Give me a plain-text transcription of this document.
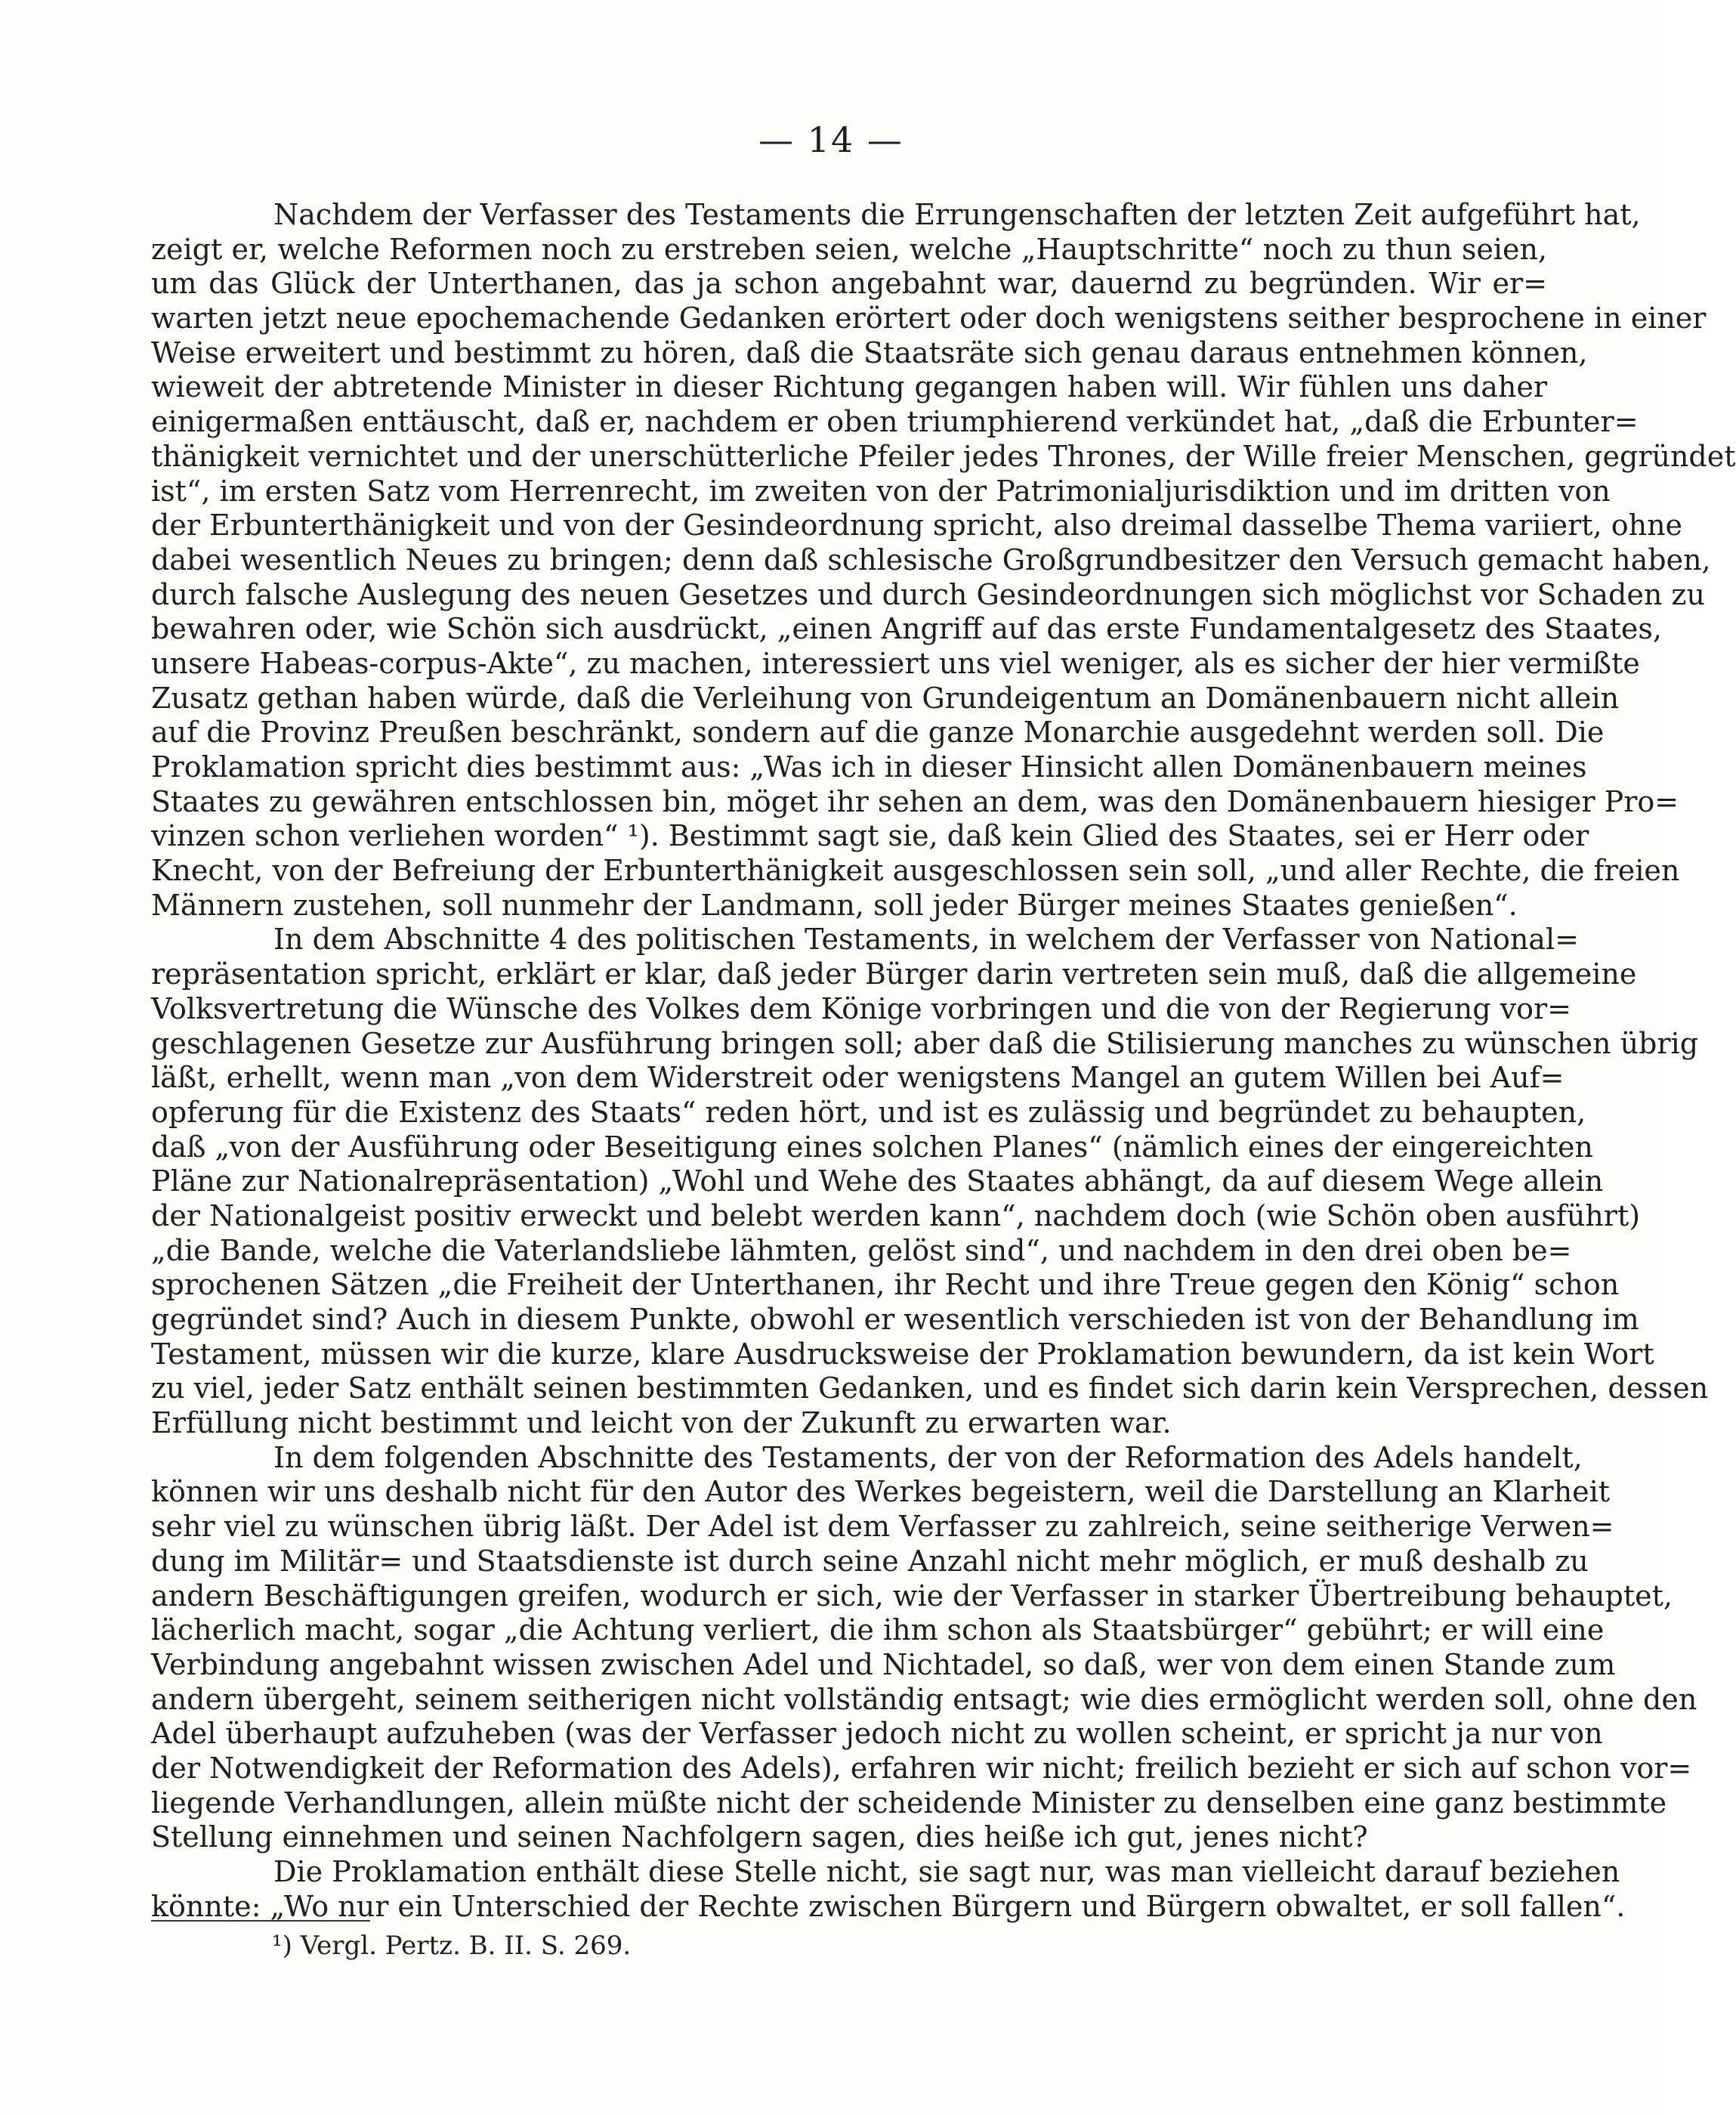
— 14 —
Nachdem der Verfasser des Testaments die Errungenschaften der letzten Zeit aufgeführt hat,
zeigt er, welche Reformen noch zu erstreben seien, welche „Hauptschritte“ noch zu thun seien,
um das Glück der Unterthanen, das ja schon angebahnt war, dauernd zu begründen. Wir er=
warten jetzt neue epochemachende Gedanken erörtert oder doch wenigstens seither besprochene in einer
Weise erweitert und bestimmt zu hören, daß die Staatsräte sich genau daraus entnehmen können,
wieweit der abtretende Minister in dieser Richtung gegangen haben will. Wir fühlen uns daher
einigermaßen enttäuscht, daß er, nachdem er oben triumphierend verkündet hat, „daß die Erbunter=
thänigkeit vernichtet und der unerschütterliche Pfeiler jedes Thrones, der Wille freier Menschen, gegründet
ist“, im ersten Satz vom Herrenrecht, im zweiten von der Patrimonialjurisdiktion und im dritten von
der Erbunterthänigkeit und von der Gesindeordnung spricht, also dreimal dasselbe Thema variiert, ohne
dabei wesentlich Neues zu bringen; denn daß schlesische Großgrundbesitzer den Versuch gemacht haben,
durch falsche Auslegung des neuen Gesetzes und durch Gesindeordnungen sich möglichst vor Schaden zu
bewahren oder, wie Schön sich ausdrückt, „einen Angriff auf das erste Fundamentalgesetz des Staates,
unsere Habeas-corpus-Akte“, zu machen, interessiert uns viel weniger, als es sicher der hier vermißte
Zusatz gethan haben würde, daß die Verleihung von Grundeigentum an Domänenbauern nicht allein
auf die Provinz Preußen beschränkt, sondern auf die ganze Monarchie ausgedehnt werden soll. Die
Proklamation spricht dies bestimmt aus: „Was ich in dieser Hinsicht allen Domänenbauern meines
Staates zu gewähren entschlossen bin, möget ihr sehen an dem, was den Domänenbauern hiesiger Pro=
vinzen schon verliehen worden“ ¹). Bestimmt sagt sie, daß kein Glied des Staates, sei er Herr oder
Knecht, von der Befreiung der Erbunterthänigkeit ausgeschlossen sein soll, „und aller Rechte, die freien
Männern zustehen, soll nunmehr der Landmann, soll jeder Bürger meines Staates genießen“.
In dem Abschnitte 4 des politischen Testaments, in welchem der Verfasser von National=
repräsentation spricht, erklärt er klar, daß jeder Bürger darin vertreten sein muß, daß die allgemeine
Volksvertretung die Wünsche des Volkes dem Könige vorbringen und die von der Regierung vor=
geschlagenen Gesetze zur Ausführung bringen soll; aber daß die Stilisierung manches zu wünschen übrig
läßt, erhellt, wenn man „von dem Widerstreit oder wenigstens Mangel an gutem Willen bei Auf=
opferung für die Existenz des Staats“ reden hört, und ist es zulässig und begründet zu behaupten,
daß „von der Ausführung oder Beseitigung eines solchen Planes“ (nämlich eines der eingereichten
Pläne zur Nationalrepräsentation) „Wohl und Wehe des Staates abhängt, da auf diesem Wege allein
der Nationalgeist positiv erweckt und belebt werden kann“, nachdem doch (wie Schön oben ausführt)
„die Bande, welche die Vaterlandsliebe lähmten, gelöst sind“, und nachdem in den drei oben be=
sprochenen Sätzen „die Freiheit der Unterthanen, ihr Recht und ihre Treue gegen den König“ schon
gegründet sind? Auch in diesem Punkte, obwohl er wesentlich verschieden ist von der Behandlung im
Testament, müssen wir die kurze, klare Ausdrucksweise der Proklamation bewundern, da ist kein Wort
zu viel, jeder Satz enthält seinen bestimmten Gedanken, und es findet sich darin kein Versprechen, dessen
Erfüllung nicht bestimmt und leicht von der Zukunft zu erwarten war.
In dem folgenden Abschnitte des Testaments, der von der Reformation des Adels handelt,
können wir uns deshalb nicht für den Autor des Werkes begeistern, weil die Darstellung an Klarheit
sehr viel zu wünschen übrig läßt. Der Adel ist dem Verfasser zu zahlreich, seine seitherige Verwen=
dung im Militär= und Staatsdienste ist durch seine Anzahl nicht mehr möglich, er muß deshalb zu
andern Beschäftigungen greifen, wodurch er sich, wie der Verfasser in starker Übertreibung behauptet,
lächerlich macht, sogar „die Achtung verliert, die ihm schon als Staatsbürger“ gebührt; er will eine
Verbindung angebahnt wissen zwischen Adel und Nichtadel, so daß, wer von dem einen Stande zum
andern übergeht, seinem seitherigen nicht vollständig entsagt; wie dies ermöglicht werden soll, ohne den
Adel überhaupt aufzuheben (was der Verfasser jedoch nicht zu wollen scheint, er spricht ja nur von
der Notwendigkeit der Reformation des Adels), erfahren wir nicht; freilich bezieht er sich auf schon vor=
liegende Verhandlungen, allein müßte nicht der scheidende Minister zu denselben eine ganz bestimmte
Stellung einnehmen und seinen Nachfolgern sagen, dies heiße ich gut, jenes nicht?
Die Proklamation enthält diese Stelle nicht, sie sagt nur, was man vielleicht darauf beziehen
könnte: „Wo nur ein Unterschied der Rechte zwischen Bürgern und Bürgern obwaltet, er soll fallen“.
¹) Vergl. Pertz. B. II. S. 269.
